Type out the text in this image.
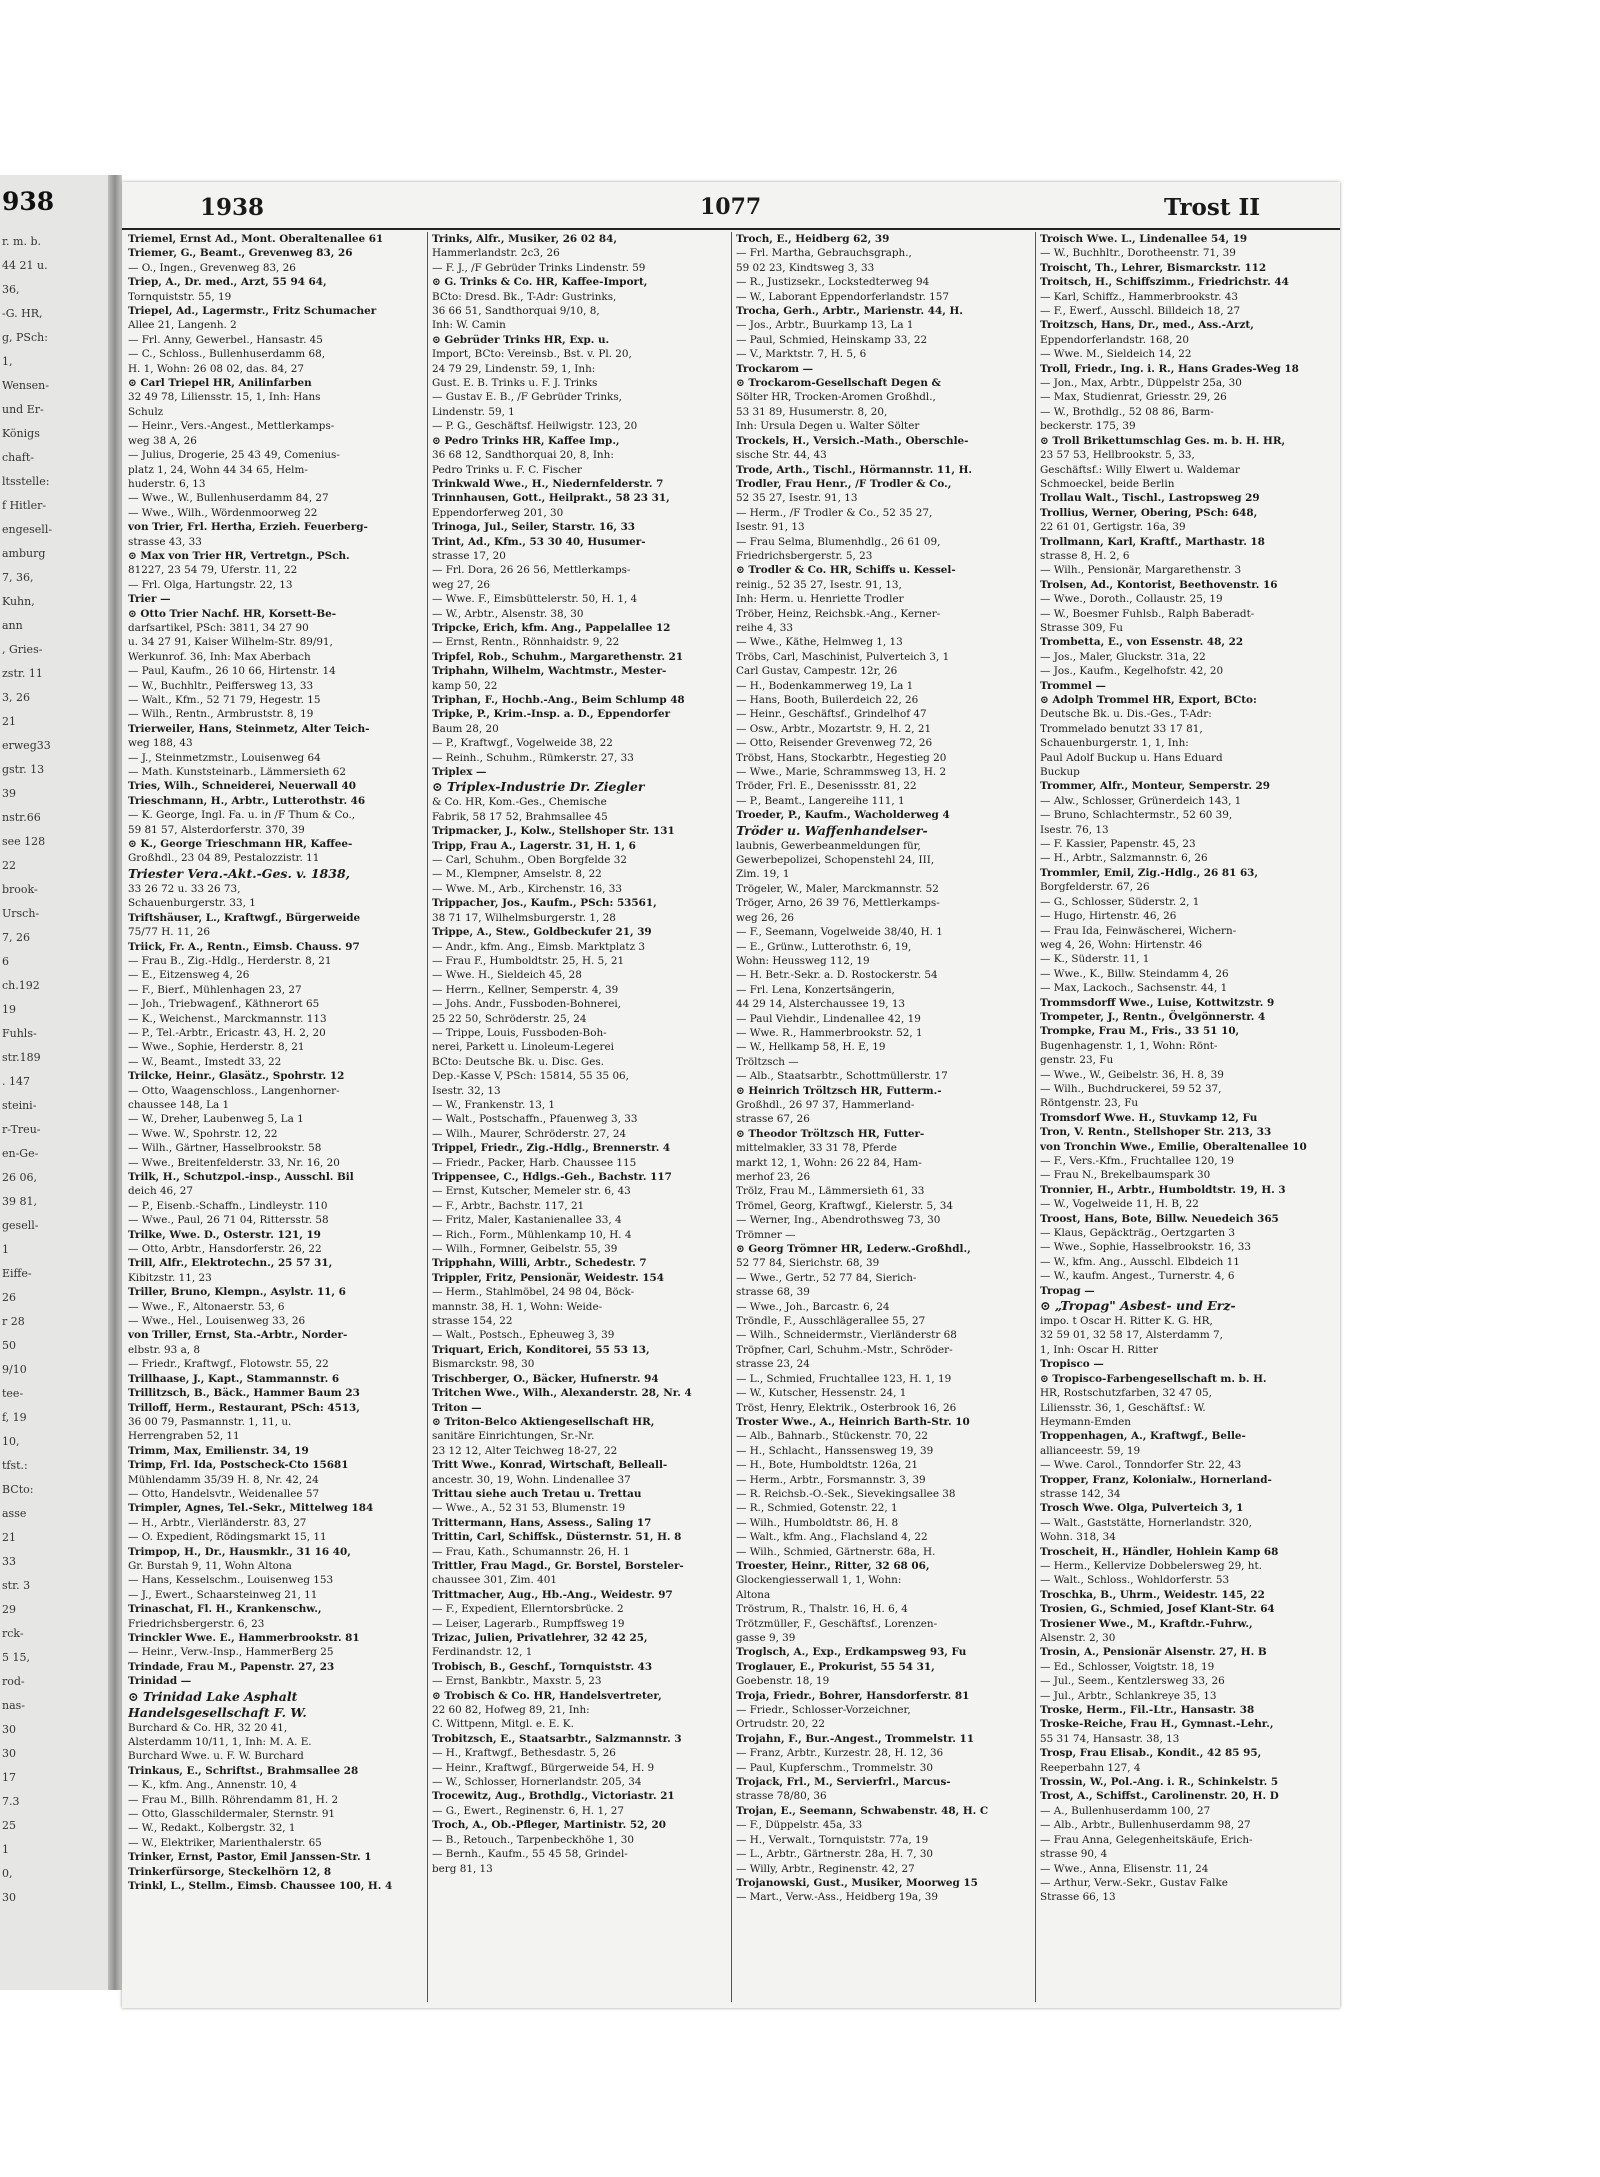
938
r. m. b.
44 21 u.
36,
-G. HR,
g, PSch:
1,
Wensen-
und Er-
Königs
chaft-
ltsstelle:
f Hitler-
engesell-
amburg
7, 36,
Kuhn,
ann
, Gries-
zstr. 11
3, 26
21
erweg33
gstr. 13
39
nstr.66
see 128
22
brook-
Ursch-
7, 26
6
ch.192
19
Fuhls-
str.189
. 147
steini-
r-Treu-
en-Ge-
26 06,
39 81,
gesell-
1
Eiffe-
26
r 28
50
9/10
tee-
f, 19
10,
tfst.:
BCto:
asse
21
33
str. 3
29
rck-
5 15,
rod-
nas-
30
30
17
7.3
25
1
0,
30
1938	1077	Trost II
Triemel, Ernst Ad., Mont. Oberaltenallee 61
Triemer, G., Beamt., Grevenweg 83, 26
— O., Ingen., Grevenweg 83, 26
Triep, A., Dr. med., Arzt, 55 94 64,
Tornquiststr. 55, 19
Triepel, Ad., Lagermstr., Fritz Schumacher
Allee 21, Langenh. 2
— Frl. Anny, Gewerbel., Hansastr. 45
— C., Schloss., Bullenhuserdamm 68,
H. 1, Wohn: 26 08 02, das. 84, 27
⊙ Carl Triepel HR, Anilinfarben
32 49 78, Liliensstr. 15, 1, Inh: Hans
Schulz
— Heinr., Vers.-Angest., Mettlerkamps-
weg 38 A, 26
— Julius, Drogerie, 25 43 49, Comenius-
platz 1, 24, Wohn 44 34 65, Helm-
huderstr. 6, 13
— Wwe., W., Bullenhuserdamm 84, 27
— Wwe., Wilh., Wördenmoorweg 22
von Trier, Frl. Hertha, Erzieh. Feuerberg-
strasse 43, 33
⊙ Max von Trier HR, Vertretgn., PSch.
81227, 23 54 79, Uferstr. 11, 22
— Frl. Olga, Hartungstr. 22, 13
Trier —
⊙ Otto Trier Nachf. HR, Korsett-Be-
darfsartikel, PSch: 3811, 34 27 90
u. 34 27 91, Kaiser Wilhelm-Str. 89/91,
Werkunrof. 36, Inh: Max Aberbach
— Paul, Kaufm., 26 10 66, Hirtenstr. 14
— W., Buchhltr., Peiffersweg 13, 33
— Walt., Kfm., 52 71 79, Hegestr. 15
— Wilh., Rentn., Armbruststr. 8, 19
Trierweiler, Hans, Steinmetz, Alter Teich-
weg 188, 43
— J., Steinmetzmstr., Louisenweg 64
— Math. Kunststeinarb., Lämmersieth 62
Tries, Wilh., Schneiderei, Neuerwall 40
Trieschmann, H., Arbtr., Lutterothstr. 46
— K. George, Ingl. Fa. u. in /F Thum & Co.,
59 81 57, Alsterdorferstr. 370, 39
⊙ K., George Trieschmann HR, Kaffee-
Großhdl., 23 04 89, Pestalozzistr. 11
Triester Vera.-Akt.-Ges. v. 1838,
33 26 72 u. 33 26 73,
Schauenburgerstr. 33, 1
Triftshäuser, L., Kraftwgf., Bürgerweide
75/77 H. 11, 26
Triick, Fr. A., Rentn., Eimsb. Chauss. 97
— Frau B., Zig.-Hdlg., Herderstr. 8, 21
— E., Eitzensweg 4, 26
— F., Bierf., Mühlenhagen 23, 27
— Joh., Triebwagenf., Käthnerort 65
— K., Weichenst., Marckmannstr. 113
— P., Tel.-Arbtr., Ericastr. 43, H. 2, 20
— Wwe., Sophie, Herderstr. 8, 21
— W., Beamt., Imstedt 33, 22
Trilcke, Heinr., Glasätz., Spohrstr. 12
— Otto, Waagenschloss., Langenhorner-
chaussee 148, La 1
— W., Dreher, Laubenweg 5, La 1
— Wwe. W., Spohrstr. 12, 22
— Wilh., Gärtner, Hasselbrookstr. 58
— Wwe., Breitenfelderstr. 33, Nr. 16, 20
Trilk, H., Schutzpol.-insp., Ausschl. Bil
deich 46, 27
— P., Eisenb.-Schaffn., Lindleystr. 110
— Wwe., Paul, 26 71 04, Rittersstr. 58
Trilke, Wwe. D., Osterstr. 121, 19
— Otto, Arbtr., Hansdorferstr. 26, 22
Trill, Alfr., Elektrotechn., 25 57 31,
Kibitzstr. 11, 23
Triller, Bruno, Klempn., Asylstr. 11, 6
— Wwe., F., Altonaerstr. 53, 6
— Wwe., Hel., Louisenweg 33, 26
von Triller, Ernst, Sta.-Arbtr., Norder-
elbstr. 93 a, 8
— Friedr., Kraftwgf., Flotowstr. 55, 22
Trillhaase, J., Kapt., Stammannstr. 6
Trillitzsch, B., Bäck., Hammer Baum 23
Trilloff, Herm., Restaurant, PSch: 4513,
36 00 79, Pasmannstr. 1, 11, u.
Herrengraben 52, 11
Trimm, Max, Emilienstr. 34, 19
Trimp, Frl. Ida, Postscheck-Cto 15681
Mühlendamm 35/39 H. 8, Nr. 42, 24
— Otto, Handelsvtr., Weidenallee 57
Trimpler, Agnes, Tel.-Sekr., Mittelweg 184
— H., Arbtr., Vierländerstr. 83, 27
— O. Expedient, Rödingsmarkt 15, 11
Trimpop, H., Dr., Hausmklr., 31 16 40,
Gr. Burstah 9, 11, Wohn Altona
— Hans, Kesselschm., Louisenweg 153
— J., Ewert., Schaarsteinweg 21, 11
Trinaschat, Fl. H., Krankenschw.,
Friedrichsbergerstr. 6, 23
Trinckler Wwe. E., Hammerbrookstr. 81
— Heinr., Verw.-Insp., HammerBerg 25
Trindade, Frau M., Papenstr. 27, 23
Trinidad —
⊙ Trinidad Lake Asphalt
Handelsgesellschaft F. W.
Burchard & Co. HR, 32 20 41,
Alsterdamm 10/11, 1, Inh: M. A. E.
Burchard Wwe. u. F. W. Burchard
Trinkaus, E., Schriftst., Brahmsallee 28
— K., kfm. Ang., Annenstr. 10, 4
— Frau M., Billh. Röhrendamm 81, H. 2
— Otto, Glasschildermaler, Sternstr. 91
— W., Redakt., Kolbergstr. 32, 1
— W., Elektriker, Marienthalerstr. 65
Trinker, Ernst, Pastor, Emil Janssen-Str. 1
Trinkerfürsorge, Steckelhörn 12, 8
Trinkl, L., Stellm., Eimsb. Chaussee 100, H. 4
Trinks, Alfr., Musiker, 26 02 84,
Hammerlandstr. 2c3, 26
— F. J., /F Gebrüder Trinks Lindenstr. 59
⊙ G. Trinks & Co. HR, Kaffee-Import,
BCto: Dresd. Bk., T-Adr: Gustrinks,
36 66 51, Sandthorquai 9/10, 8,
Inh: W. Camin
⊙ Gebrüder Trinks HR, Exp. u.
Import, BCto: Vereinsb., Bst. v. Pl. 20,
24 79 29, Lindenstr. 59, 1, Inh:
Gust. E. B. Trinks u. F. J. Trinks
— Gustav E. B., /F Gebrüder Trinks,
Lindenstr. 59, 1
— P. G., Geschäftsf. Heilwigstr. 123, 20
⊙ Pedro Trinks HR, Kaffee Imp.,
36 68 12, Sandthorquai 20, 8, Inh:
Pedro Trinks u. F. C. Fischer
Trinkwald Wwe., H., Niedernfelderstr. 7
Trinnhausen, Gott., Heilprakt., 58 23 31,
Eppendorferweg 201, 30
Trinoga, Jul., Seiler, Starstr. 16, 33
Trint, Ad., Kfm., 53 30 40, Husumer-
strasse 17, 20
— Frl. Dora, 26 26 56, Mettlerkamps-
weg 27, 26
— Wwe. F., Eimsbüttelerstr. 50, H. 1, 4
— W., Arbtr., Alsenstr. 38, 30
Tripcke, Erich, kfm. Ang., Pappelallee 12
— Ernst, Rentn., Rönnhaidstr. 9, 22
Tripfel, Rob., Schuhm., Margarethenstr. 21
Triphahn, Wilhelm, Wachtmstr., Mester-
kamp 50, 22
Triphan, F., Hochb.-Ang., Beim Schlump 48
Tripke, P., Krim.-Insp. a. D., Eppendorfer
Baum 28, 20
— P., Kraftwgf., Vogelweide 38, 22
— Reinh., Schuhm., Rümkerstr. 27, 33
Triplex —
⊙ Triplex-Industrie Dr. Ziegler
& Co. HR, Kom.-Ges., Chemische
Fabrik, 58 17 52, Brahmsallee 45
Tripmacker, J., Kolw., Stellshoper Str. 131
Tripp, Frau A., Lagerstr. 31, H. 1, 6
— Carl, Schuhm., Oben Borgfelde 32
— M., Klempner, Amselstr. 8, 22
— Wwe. M., Arb., Kirchenstr. 16, 33
Trippacher, Jos., Kaufm., PSch: 53561,
38 71 17, Wilhelmsburgerstr. 1, 28
Trippe, A., Stew., Goldbeckufer 21, 39
— Andr., kfm. Ang., Eimsb. Marktplatz 3
— Frau F., Humboldtstr. 25, H. 5, 21
— Wwe. H., Sieldeich 45, 28
— Herrn., Kellner, Semperstr. 4, 39
— Johs. Andr., Fussboden-Bohnerei,
25 22 50, Schröderstr. 25, 24
— Trippe, Louis, Fussboden-Boh-
nerei, Parkett u. Linoleum-Legerei
BCto: Deutsche Bk. u. Disc. Ges.
Dep.-Kasse V, PSch: 15814, 55 35 06,
Isestr. 32, 13
— W., Frankenstr. 13, 1
— Walt., Postschaffn., Pfauenweg 3, 33
— Wilh., Maurer, Schröderstr. 27, 24
Trippel, Friedr., Zig.-Hdlg., Brennerstr. 4
— Friedr., Packer, Harb. Chaussee 115
Trippensee, C., Hdlgs.-Geh., Bachstr. 117
— Ernst, Kutscher, Memeler str. 6, 43
— F., Arbtr., Bachstr. 117, 21
— Fritz, Maler, Kastanienallee 33, 4
— Rich., Form., Mühlenkamp 10, H. 4
— Wilh., Formner, Geibelstr. 55, 39
Tripphahn, Willi, Arbtr., Schedestr. 7
Trippler, Fritz, Pensionär, Weidestr. 154
— Herm., Stahlmöbel, 24 98 04, Böck-
mannstr. 38, H. 1, Wohn: Weide-
strasse 154, 22
— Walt., Postsch., Epheuweg 3, 39
Triquart, Erich, Konditorei, 55 53 13,
Bismarckstr. 98, 30
Trischberger, O., Bäcker, Hufnerstr. 94
Tritchen Wwe., Wilh., Alexanderstr. 28, Nr. 4
Triton —
⊙ Triton-Belco Aktiengesellschaft HR,
sanitäre Einrichtungen, Sr.-Nr.
23 12 12, Alter Teichweg 18-27, 22
Tritt Wwe., Konrad, Wirtschaft, Belleall-
ancestr. 30, 19, Wohn. Lindenallee 37
Trittau siehe auch Tretau u. Trettau
— Wwe., A., 52 31 53, Blumenstr. 19
Trittermann, Hans, Assess., Saling 17
Trittin, Carl, Schiffsk., Düsternstr. 51, H. 8
— Frau, Kath., Schumannstr. 26, H. 1
Trittler, Frau Magd., Gr. Borstel, Borsteler-
chaussee 301, Zim. 401
Trittmacher, Aug., Hb.-Ang., Weidestr. 97
— F., Expedient, Ellerntorsbrücke. 2
— Leiser, Lagerarb., Rumpffsweg 19
Trizac, Julien, Privatlehrer, 32 42 25,
Ferdinandstr. 12, 1
Trobisch, B., Geschf., Tornquiststr. 43
— Ernst, Bankbtr., Maxstr. 5, 23
⊙ Trobisch & Co. HR, Handelsvertreter,
22 60 82, Hofweg 89, 21, Inh:
C. Wittpenn, Mitgl. e. E. K.
Trobitzsch, E., Staatsarbtr., Salzmannstr. 3
— H., Kraftwgf., Bethesdastr. 5, 26
— Heinr., Kraftwgf., Bürgerweide 54, H. 9
— W., Schlosser, Hornerlandstr. 205, 34
Trocewitz, Aug., Brothdlg., Victoriastr. 21
— G., Ewert., Reginenstr. 6, H. 1, 27
Troch, A., Ob.-Pfleger, Martinistr. 52, 20
— B., Retouch., Tarpenbeckhöhe 1, 30
— Bernh., Kaufm., 55 45 58, Grindel-
berg 81, 13
Troch, E., Heidberg 62, 39
— Frl. Martha, Gebrauchsgraph.,
59 02 23, Kindtsweg 3, 33
— R., Justizsekr., Lockstedterweg 94
— W., Laborant Eppendorferlandstr. 157
Trocha, Gerh., Arbtr., Marienstr. 44, H.
— Jos., Arbtr., Buurkamp 13, La 1
— Paul, Schmied, Heinskamp 33, 22
— V., Marktstr. 7, H. 5, 6
Trockarom —
⊙ Trockarom-Gesellschaft Degen &
Sölter HR, Trocken-Aromen Großhdl.,
53 31 89, Husumerstr. 8, 20,
Inh: Ursula Degen u. Walter Sölter
Trockels, H., Versich.-Math., Oberschle-
sische Str. 44, 43
Trode, Arth., Tischl., Hörmannstr. 11, H.
Trodler, Frau Henr., /F Trodler & Co.,
52 35 27, Isestr. 91, 13
— Herm., /F Trodler & Co., 52 35 27,
Isestr. 91, 13
— Frau Selma, Blumenhdlg., 26 61 09,
Friedrichsbergerstr. 5, 23
⊙ Trodler & Co. HR, Schiffs u. Kessel-
reinig., 52 35 27, Isestr. 91, 13,
Inh: Herm. u. Henriette Trodler
Tröber, Heinz, Reichsbk.-Ang., Kerner-
reihe 4, 33
— Wwe., Käthe, Helmweg 1, 13
Tröbs, Carl, Maschinist, Pulverteich 3, 1
Carl Gustav, Campestr. 12r, 26
— H., Bodenkammerweg 19, La 1
— Hans, Booth, Builerdeich 22, 26
— Heinr., Geschäftsf., Grindelhof 47
— Osw., Arbtr., Mozartstr. 9, H. 2, 21
— Otto, Reisender Grevenweg 72, 26
Tröbst, Hans, Stockarbtr., Hegestieg 20
— Wwe., Marie, Schrammsweg 13, H. 2
Tröder, Frl. E., Desenissstr. 81, 22
— P., Beamt., Langereihe 111, 1
Troeder, P., Kaufm., Wacholderweg 4
Tröder u. Waffenhandelser-
laubnis, Gewerbeanmeldungen für,
Gewerbepolizei, Schopenstehl 24, III,
Zim. 19, 1
Trögeler, W., Maler, Marckmannstr. 52
Tröger, Arno, 26 39 76, Mettlerkamps-
weg 26, 26
— F., Seemann, Vogelweide 38/40, H. 1
— E., Grünw., Lutterothstr. 6, 19,
Wohn: Heussweg 112, 19
— H. Betr.-Sekr. a. D. Rostockerstr. 54
— Frl. Lena, Konzertsängerin,
44 29 14, Alsterchaussee 19, 13
— Paul Viehdir., Lindenallee 42, 19
— Wwe. R., Hammerbrookstr. 52, 1
— W., Hellkamp 58, H. E, 19
Tröltzsch —
— Alb., Staatsarbtr., Schottmüllerstr. 17
⊙ Heinrich Tröltzsch HR, Futterm.-
Großhdl., 26 97 37, Hammerland-
strasse 67, 26
⊙ Theodor Tröltzsch HR, Futter-
mittelmakler, 33 31 78, Pferde
markt 12, 1, Wohn: 26 22 84, Ham-
merhof 23, 26
Trölz, Frau M., Lämmersieth 61, 33
Trömel, Georg, Kraftwgf., Kielerstr. 5, 34
— Werner, Ing., Abendrothsweg 73, 30
Trömner —
⊙ Georg Trömner HR, Lederw.-Großhdl.,
52 77 84, Sierichstr. 68, 39
— Wwe., Gertr., 52 77 84, Sierich-
strasse 68, 39
— Wwe., Joh., Barcastr. 6, 24
Tröndle, F., Ausschlägerallee 55, 27
— Wilh., Schneidermstr., Vierländerstr 68
Tröpfner, Carl, Schuhm.-Mstr., Schröder-
strasse 23, 24
— L., Schmied, Fruchtallee 123, H. 1, 19
— W., Kutscher, Hessenstr. 24, 1
Tröst, Henry, Elektrik., Osterbrook 16, 26
Troster Wwe., A., Heinrich Barth-Str. 10
— Alb., Bahnarb., Stückenstr. 70, 22
— H., Schlacht., Hanssensweg 19, 39
— H., Bote, Humboldtstr. 126a, 21
— Herm., Arbtr., Forsmannstr. 3, 39
— R. Reichsb.-O.-Sek., Sievekingsallee 38
— R., Schmied, Gotenstr. 22, 1
— Wilh., Humboldtstr. 86, H. 8
— Walt., kfm. Ang., Flachsland 4, 22
— Wilh., Schmied, Gärtnerstr. 68a, H.
Troester, Heinr., Ritter, 32 68 06,
Glockengiesserwall 1, 1, Wohn:
Altona
Tröstrum, R., Thalstr. 16, H. 6, 4
Trötzmüller, F., Geschäftsf., Lorenzen-
gasse 9, 39
Troglsch, A., Exp., Erdkampsweg 93, Fu
Troglauer, E., Prokurist, 55 54 31,
Goebenstr. 18, 19
Troja, Friedr., Bohrer, Hansdorferstr. 81
— Friedr., Schlosser-Vorzeichner,
Ortrudstr. 20, 22
Trojahn, F., Bur.-Angest., Trommelstr. 11
— Franz, Arbtr., Kurzestr. 28, H. 12, 36
— Paul, Kupferschm., Trommelstr. 30
Trojack, Frl., M., Servierfrl., Marcus-
strasse 78/80, 36
Trojan, E., Seemann, Schwabenstr. 48, H. C
— F., Düppelstr. 45a, 33
— H., Verwalt., Tornquiststr. 77a, 19
— L., Arbtr., Gärtnerstr. 28a, H. 7, 30
— Willy, Arbtr., Reginenstr. 42, 27
Trojanowski, Gust., Musiker, Moorweg 15
— Mart., Verw.-Ass., Heidberg 19a, 39
Troisch Wwe. L., Lindenallee 54, 19
— W., Buchhltr., Dorotheenstr. 71, 39
Troischt, Th., Lehrer, Bismarckstr. 112
Troitsch, H., Schiffszimm., Friedrichstr. 44
— Karl, Schiffz., Hammerbrookstr. 43
— F., Ewerf., Ausschl. Billdeich 18, 27
Troitzsch, Hans, Dr., med., Ass.-Arzt,
Eppendorferlandstr. 168, 20
— Wwe. M., Sieldeich 14, 22
Troll, Friedr., Ing. i. R., Hans Grades-Weg 18
— Jon., Max, Arbtr., Düppelstr 25a, 30
— Max, Studienrat, Griesstr. 29, 26
— W., Brothdlg., 52 08 86, Barm-
beckerstr. 175, 39
⊙ Troll Brikettumschlag Ges. m. b. H. HR,
23 57 53, Hellbrookstr. 5, 33,
Geschäftsf.: Willy Elwert u. Waldemar
Schmoeckel, beide Berlin
Trollau Walt., Tischl., Lastropsweg 29
Trollius, Werner, Obering, PSch: 648,
22 61 01, Gertigstr. 16a, 39
Trollmann, Karl, Kraftf., Marthastr. 18
strasse 8, H. 2, 6
— Wilh., Pensionär, Margarethenstr. 3
Trolsen, Ad., Kontorist, Beethovenstr. 16
— Wwe., Doroth., Collaustr. 25, 19
— W., Boesmer Fuhlsb., Ralph Baberadt-
Strasse 309, Fu
Trombetta, E., von Essenstr. 48, 22
— Jos., Maler, Gluckstr. 31a, 22
— Jos., Kaufm., Kegelhofstr. 42, 20
Trommel —
⊙ Adolph Trommel HR, Export, BCto:
Deutsche Bk. u. Dis.-Ges., T-Adr:
Trommelado benutzt 33 17 81,
Schauenburgerstr. 1, 1, Inh:
Paul Adolf Buckup u. Hans Eduard
Buckup
Trommer, Alfr., Monteur, Semperstr. 29
— Alw., Schlosser, Grünerdeich 143, 1
— Bruno, Schlachtermstr., 52 60 39,
Isestr. 76, 13
— F. Kassier, Papenstr. 45, 23
— H., Arbtr., Salzmannstr. 6, 26
Trommler, Emil, Zig.-Hdlg., 26 81 63,
Borgfelderstr. 67, 26
— G., Schlosser, Süderstr. 2, 1
— Hugo, Hirtenstr. 46, 26
— Frau Ida, Feinwäscherei, Wichern-
weg 4, 26, Wohn: Hirtenstr. 46
— K., Süderstr. 11, 1
— Wwe., K., Billw. Steindamm 4, 26
— Max, Lackoch., Sachsenstr. 44, 1
Trommsdorff Wwe., Luise, Kottwitzstr. 9
Trompeter, J., Rentn., Övelgönnerstr. 4
Trompke, Frau M., Fris., 33 51 10,
Bugenhagenstr. 1, 1, Wohn: Rönt-
genstr. 23, Fu
— Wwe., W., Geibelstr. 36, H. 8, 39
— Wilh., Buchdruckerei, 59 52 37,
Röntgenstr. 23, Fu
Tromsdorf Wwe. H., Stuvkamp 12, Fu
Tron, V. Rentn., Stellshoper Str. 213, 33
von Tronchin Wwe., Emilie, Oberaltenallee 10
— F., Vers.-Kfm., Fruchtallee 120, 19
— Frau N., Brekelbaumspark 30
Tronnier, H., Arbtr., Humboldtstr. 19, H. 3
— W., Vogelweide 11, H. B, 22
Troost, Hans, Bote, Billw. Neuedeich 365
— Klaus, Gepäckträg., Oertzgarten 3
— Wwe., Sophie, Hasselbrookstr. 16, 33
— W., kfm. Ang., Ausschl. Elbdeich 11
— W., kaufm. Angest., Turnerstr. 4, 6
Tropag —
⊙ „Tropag" Asbest- und Erz-
impo. t Oscar H. Ritter K. G. HR,
32 59 01, 32 58 17, Alsterdamm 7,
1, Inh: Oscar H. Ritter
Tropisco —
⊙ Tropisco-Farbengesellschaft m. b. H.
HR, Rostschutzfarben, 32 47 05,
Liliensstr. 36, 1, Geschäftsf.: W.
Heymann-Emden
Troppenhagen, A., Kraftwgf., Belle-
allianceestr. 59, 19
— Wwe. Carol., Tonndorfer Str. 22, 43
Tropper, Franz, Kolonialw., Hornerland-
strasse 142, 34
Trosch Wwe. Olga, Pulverteich 3, 1
— Walt., Gaststätte, Hornerlandstr. 320,
Wohn. 318, 34
Troscheit, H., Händler, Hohlein Kamp 68
— Herm., Kellervize Dobbelersweg 29, ht.
— Walt., Schloss., Wohldorferstr. 53
Troschka, B., Uhrm., Weidestr. 145, 22
Trosien, G., Schmied, Josef Klant-Str. 64
Trosiener Wwe., M., Kraftdr.-Fuhrw.,
Alsenstr. 2, 30
Trosin, A., Pensionär Alsenstr. 27, H. B
— Ed., Schlosser, Voigtstr. 18, 19
— Jul., Seem., Kentzlersweg 33, 26
— Jul., Arbtr., Schlankreye 35, 13
Troske, Herm., Fil.-Ltr., Hansastr. 38
Troske-Reiche, Frau H., Gymnast.-Lehr.,
55 31 74, Hansastr. 38, 13
Trosp, Frau Elisab., Kondit., 42 85 95,
Reeperbahn 127, 4
Trossin, W., Pol.-Ang. i. R., Schinkelstr. 5
Trost, A., Schiffst., Carolinenstr. 20, H. D
— A., Bullenhuserdamm 100, 27
— Alb., Arbtr., Bullenhuserdamm 98, 27
— Frau Anna, Gelegenheitskäufe, Erich-
strasse 90, 4
— Wwe., Anna, Elisenstr. 11, 24
— Arthur, Verw.-Sekr., Gustav Falke
Strasse 66, 13
